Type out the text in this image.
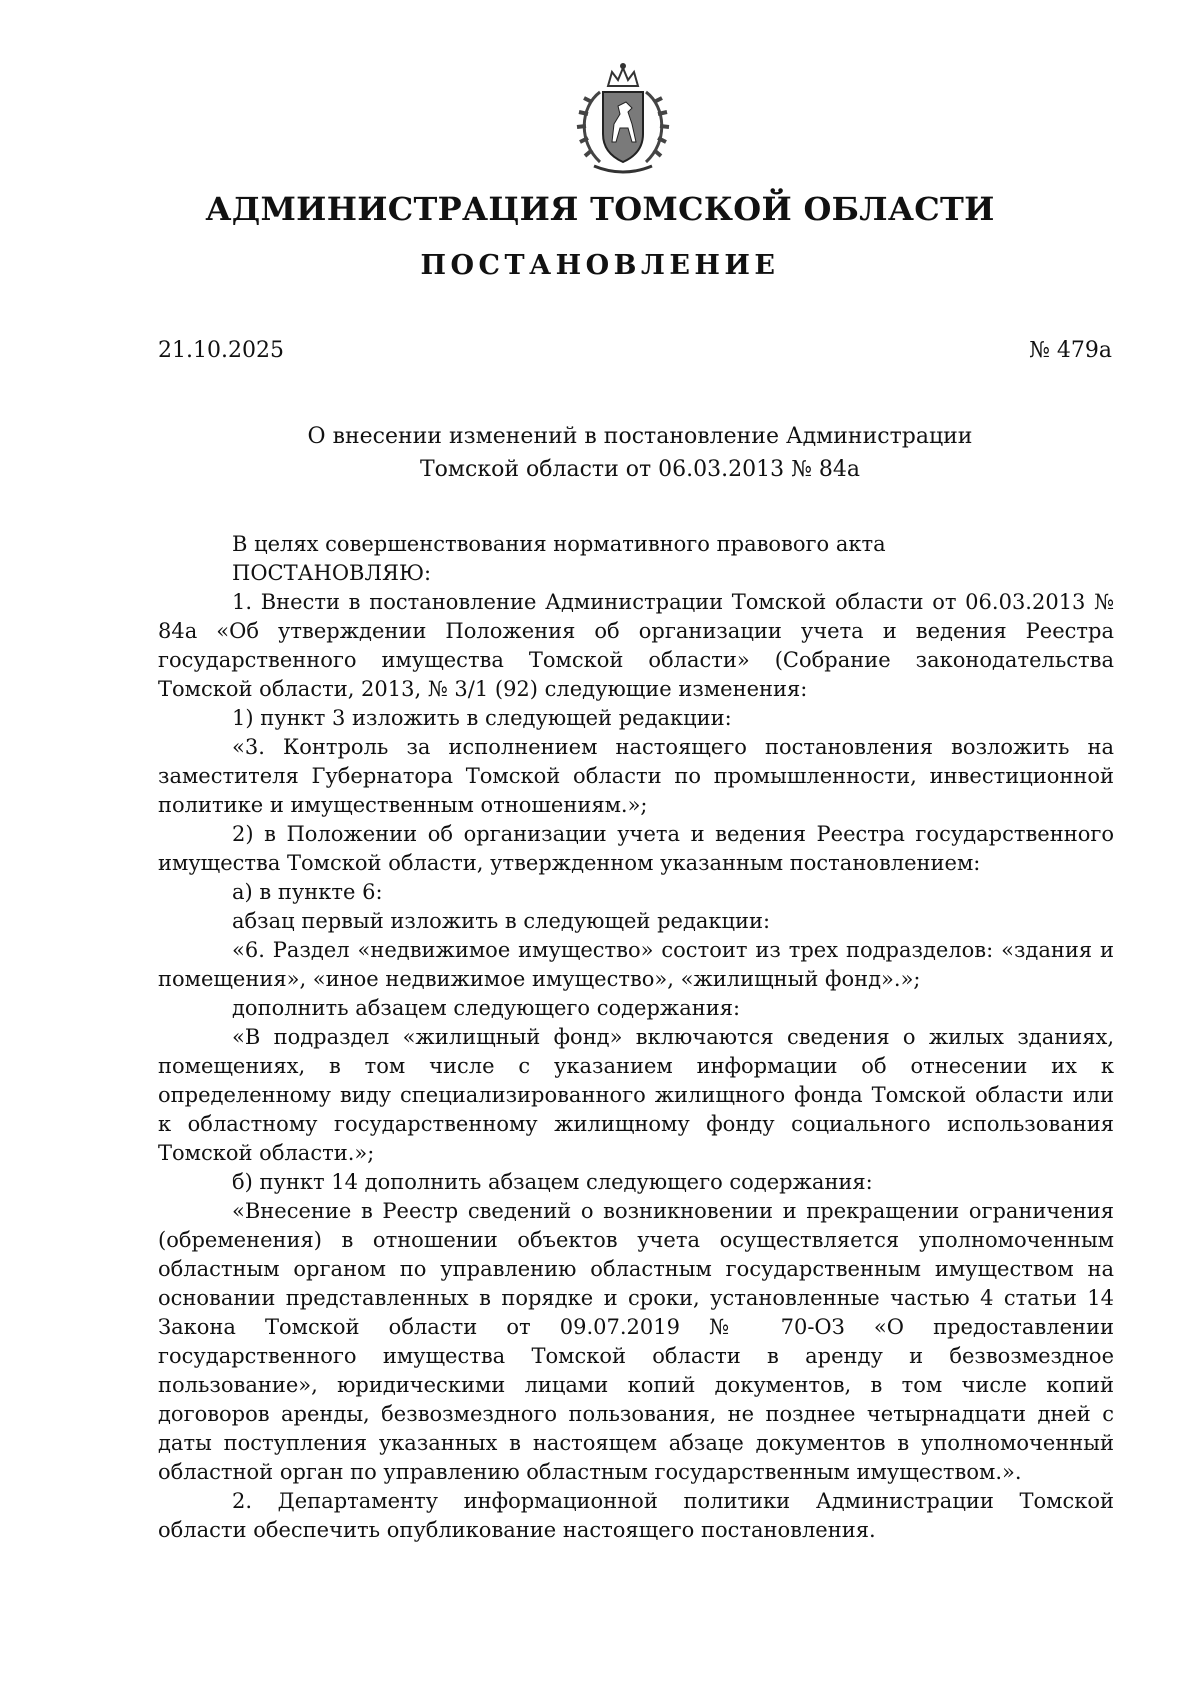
АДМИНИСТРАЦИЯ ТОМСКОЙ ОБЛАСТИ
ПОСТАНОВЛЕНИЕ
21.10.2025	№ 479а
О внесении изменений в постановление Администрации
Томской области от 06.03.2013 № 84а

В целях совершенствования нормативного правового акта

ПОСТАНОВЛЯЮ:

1. Внести в постановление Администрации Томской области от 06.03.2013 № 84а «Об утверждении Положения об организации учета и ведения Реестра государственного имущества Томской области» (Собрание законодательства Томской области, 2013, № 3/1 (92) следующие изменения:

1) пункт 3 изложить в следующей редакции:

«3. Контроль за исполнением настоящего постановления возложить на заместителя Губернатора Томской области по промышленности, инвестиционной политике и имущественным отношениям.»;

2) в Положении об организации учета и ведения Реестра государственного имущества Томской области, утвержденном указанным постановлением:

а) в пункте 6:

абзац первый изложить в следующей редакции:

«6. Раздел «недвижимое имущество» состоит из трех подразделов: «здания и помещения», «иное недвижимое имущество», «жилищный фонд».»;

дополнить абзацем следующего содержания:

«В подраздел «жилищный фонд» включаются сведения о жилых зданиях, помещениях, в том числе с указанием информации об отнесении их к определенному виду специализированного жилищного фонда Томской области или к областному государственному жилищному фонду социального использования Томской области.»;

б) пункт 14 дополнить абзацем следующего содержания:

«Внесение в Реестр сведений о возникновении и прекращении ограничения (обременения) в отношении объектов учета осуществляется уполномоченным областным органом по управлению областным государственным имуществом на основании представленных в порядке и сроки, установленные частью 4 статьи 14 Закона Томской области от 09.07.2019 № 70-ОЗ «О предоставлении государственного имущества Томской области в аренду и безвозмездное пользование», юридическими лицами копий документов, в том числе копий договоров аренды, безвозмездного пользования, не позднее четырнадцати дней с даты поступления указанных в настоящем абзаце документов в уполномоченный областной орган по управлению областным государственным имуществом.».

2. Департаменту информационной политики Администрации Томской области обеспечить опубликование настоящего постановления.
